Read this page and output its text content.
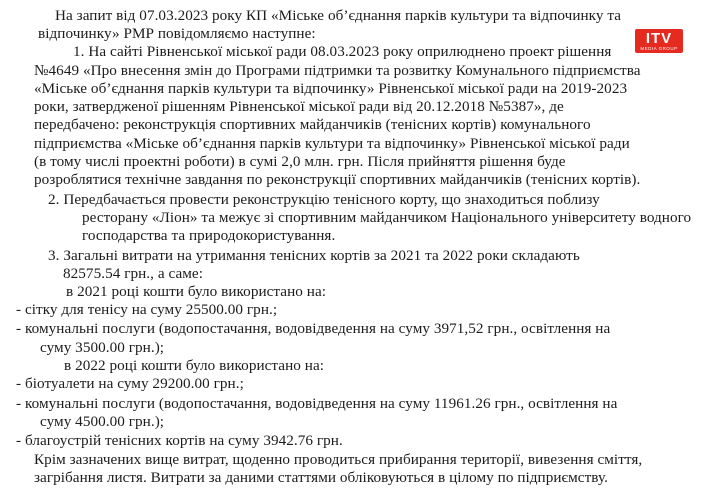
На запит від 07.03.2023 року КП «Міське об’єднання парків культури та відпочинку та
відпочинку» РМР повідомляємо наступне:
1. На сайті Рівненської міської ради 08.03.2023 року оприлюднено проект рішення
№4649 «Про внесення змін до Програми підтримки та розвитку Комунального підприємства
«Міське об’єднання парків культури та відпочинку» Рівненської міської ради на 2019-2023
роки, затвердженої рішенням Рівненської міської ради від 20.12.2018 №5387», де
передбачено: реконструкція спортивних майданчиків (тенісних кортів) комунального
підприємства «Міське об’єднання парків культури та відпочинку» Рівненської міської ради
(в тому числі проектні роботи) в сумі 2,0 млн. грн. Після прийняття рішення буде
розроблятися технічне завдання по реконструкції спортивних майданчиків (тенісних кортів).
2. Передбачається провести реконструкцію тенісного корту, що знаходиться поблизу
ресторану «Ліон» та межує зі спортивним майданчиком Національного університету водного
господарства та природокористування.
3. Загальні витрати на утримання тенісних кортів за 2021 та 2022 роки складають
82575.54 грн., а саме:
в 2021 році кошти було використано на:
- сітку для тенісу на суму 25500.00 грн.;
- комунальні послуги (водопостачання, водовідведення на суму 3971,52 грн., освітлення на
суму 3500.00 грн.);
в 2022 році кошти було використано на:
- біотуалети на суму 29200.00 грн.;
- комунальні послуги (водопостачання, водовідведення на суму 11961.26 грн., освітлення на
суму 4500.00 грн.);
- благоустрій тенісних кортів на суму 3942.76 грн.
Крім зазначених вище витрат, щоденно проводиться прибирання території, вивезення сміття,
загрібання листя. Витрати за даними статтями обліковуються в цілому по підприємству.
ITV
MEDIA GROUP
